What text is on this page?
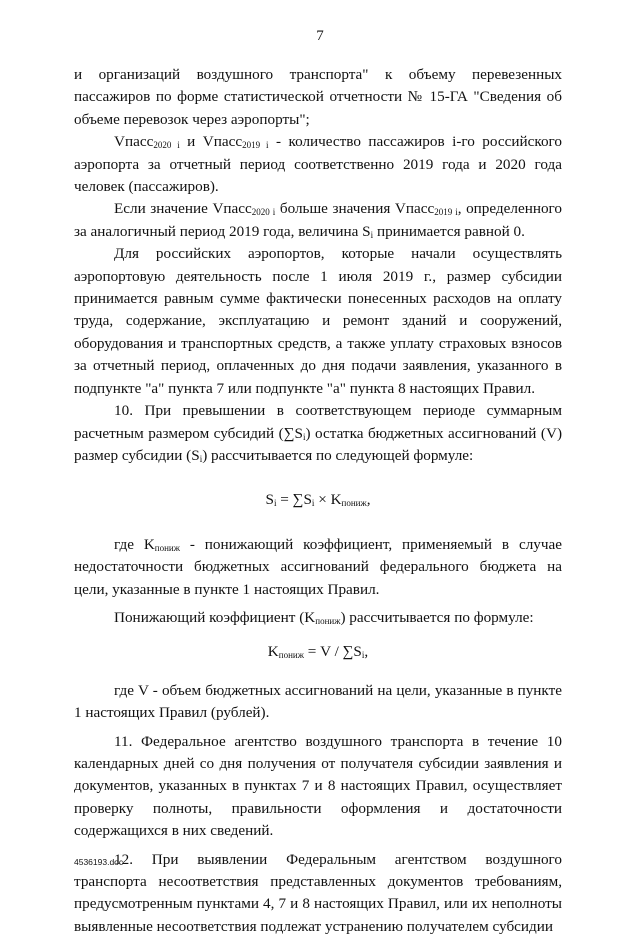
7

и организаций воздушного транспорта" к объему перевезенных пассажиров по форме статистической отчетности № 15-ГА "Сведения об объеме перевозок через аэропорты";

Vпасс$_{2020 i}$ и Vпасс$_{2019 i}$ - количество пассажиров i-го российского аэропорта за отчетный период соответственно 2019 года и 2020 года человек (пассажиров).

Если значение Vпасс$_{2020 i}$ больше значения Vпасс$_{2019 i}$, определенного за аналогичный период 2019 года, величина $S_i$ принимается равной 0.

Для российских аэропортов, которые начали осуществлять аэропортовую деятельность после 1 июля 2019 г., размер субсидии принимается равным сумме фактически понесенных расходов на оплату труда, содержание, эксплуатацию и ремонт зданий и сооружений, оборудования и транспортных средств, а также уплату страховых взносов за отчетный период, оплаченных до дня подачи заявления, указанного в подпункте "а" пункта 7 или подпункте "а" пункта 8 настоящих Правил.

10. При превышении в соответствующем периоде суммарным расчетным размером субсидий $(\sum S_i)$ остатка бюджетных ассигнований (V) размер субсидии $(S_i)$ рассчитывается по следующей формуле:

$S_i = \sum S_i \times K_{пониж}$,

где $K_{пониж}$ - понижающий коэффициент, применяемый в случае недостаточности бюджетных ассигнований федерального бюджета на цели, указанные в пункте 1 настоящих Правил.

Понижающий коэффициент $(K_{пониж})$ рассчитывается по формуле:

$K_{пониж} = V / \sum S_i$,

где V - объем бюджетных ассигнований на цели, указанные в пункте 1 настоящих Правил (рублей).

11. Федеральное агентство воздушного транспорта в течение 10 календарных дней со дня получения от получателя субсидии заявления и документов, указанных в пунктах 7 и 8 настоящих Правил, осуществляет проверку полноты, правильности оформления и достаточности содержащихся в них сведений.

12. При выявлении Федеральным агентством воздушного транспорта несоответствия представленных документов требованиям, предусмотренным пунктами 4, 7 и 8 настоящих Правил, или их неполноты выявленные несоответствия подлежат устранению получателем субсидии

4536193.doc
